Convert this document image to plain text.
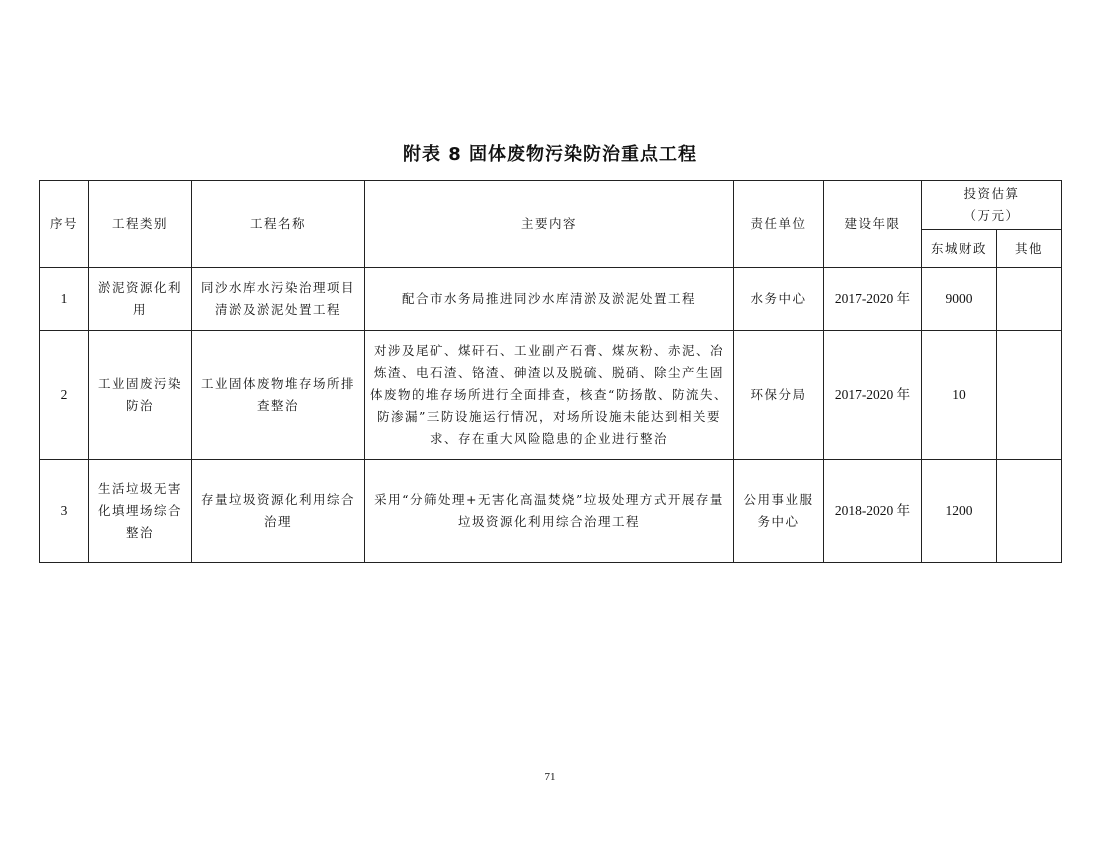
附表 8 固体废物污染防治重点工程
序号	工程类别	工程名称	主要内容	责任单位	建设年限	投资估算
（万元）	

						东城财政	其他
1	淤泥资源化利用	同沙水库水污染治理项目清淤及淤泥处置工程	配合市水务局推进同沙水库清淤及淤泥处置工程	水务中心	2017-2020 年	9000	
2	工业固废污染防治	工业固体废物堆存场所排查整治	对涉及尾矿、煤矸石、工业副产石膏、煤灰粉、赤泥、冶炼渣、电石渣、铬渣、砷渣以及脱硫、脱硝、除尘产生固体废物的堆存场所进行全面排查，核查“防扬散、防流失、防渗漏”三防设施运行情况，对场所设施未能达到相关要求、存在重大风险隐患的企业进行整治	环保分局	2017-2020 年	10	
3	生活垃圾无害化填埋场综合整治	存量垃圾资源化利用综合治理	采用“分筛处理+无害化高温焚烧”垃圾处理方式开展存量垃圾资源化利用综合治理工程	公用事业服务中心	2018-2020 年	1200	
71
